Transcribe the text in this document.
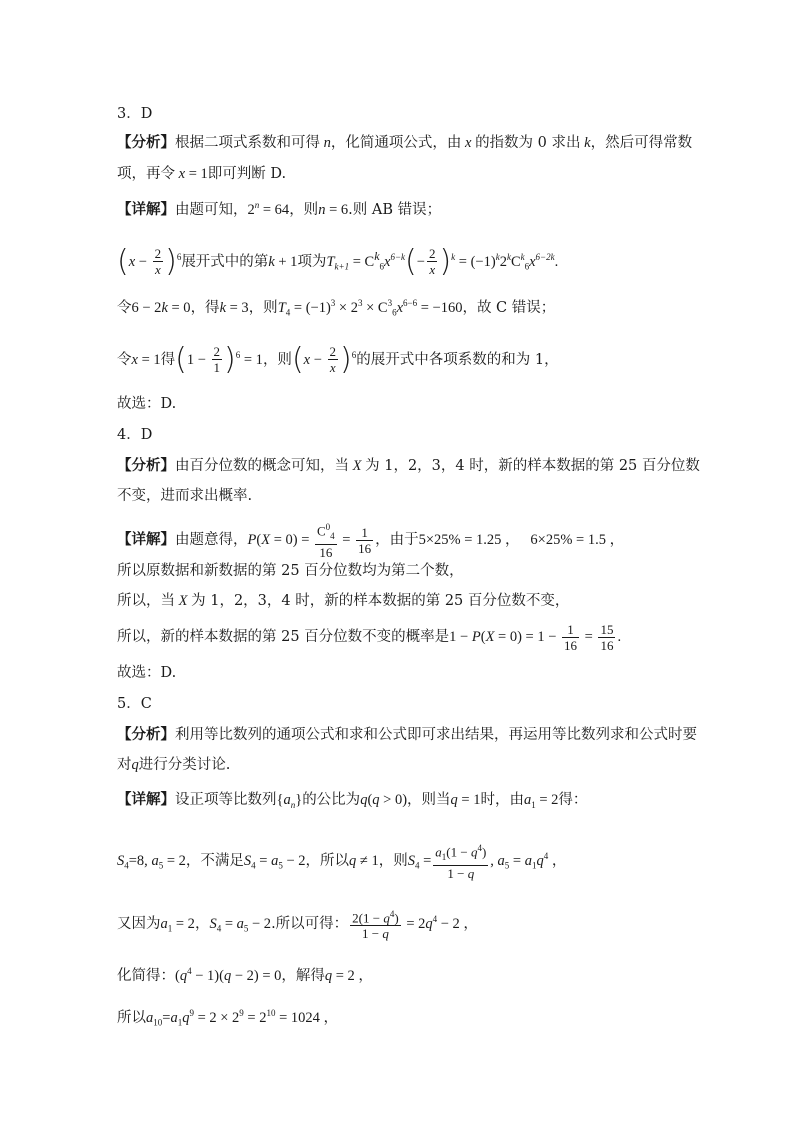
3．D
【分析】根据二项式系数和可得 n，化简通项公式，由 x 的指数为 0 求出 k，然后可得常数
项，再令 x = 1即可判断 D.
【详解】由题可知，$2^n = 64$，则n = 6.则 AB 错误；
$(x - \frac{2}{x} )^6$展开式中的第k + 1项为$T_{k+1} = C^k_6x^{6-k}(- \frac{2}{x} )^k = (-1)^k2^kC^k_6x^{6-2k}$.
令6 − 2k = 0，得k = 3，则$T_4 = (-1)^3 \times 2^3 \times C^3_6x^{6-6} = -160$，故 C 错误；
令x = 1得$(1 - \frac{2}{1} )^6 = 1$，则$(x - \frac{2}{x} )^6$的展开式中各项系数的和为 1，
故选：D.
4．D
【分析】由百分位数的概念可知，当 X 为 1，2，3，4 时，新的样本数据的第 25 百分位数
不变，进而求出概率.
【详解】由题意得，$P(X = 0) = \frac{C^0_4}{16} = \frac{1}{16}$ ，由于5×25% = 1.25 ，   6×25% = 1.5 ，
所以原数据和新数据的第 25 百分位数均为第二个数，
所以，当 X 为 1，2，3，4 时，新的样本数据的第 25 百分位数不变，
所以，新的样本数据的第 25 百分位数不变的概率是$1 - P(X = 0) = 1 - \frac{1}{16} = \frac{15}{16}$ .
故选：D.
5．C
【分析】利用等比数列的通项公式和求和公式即可求出结果，再运用等比数列求和公式时要
对q进行分类讨论.
【详解】设正项等比数列$\{a_n\}$的公比为q(q > 0)，则当q = 1时，由$a_1 = 2$得：
$S_4=8$, $a_5 = 2$，不满足$S_4 = a_5 - 2$，所以q ≠ 1，则$S_4 = \frac{a_1(1 - q^4)}{1 - q}$ , $a_5 = a_1q^4$ ，
又因为$a_1 = 2$，$S_4 = a_5 - 2$.所以可得： $\frac{2(1 - q^4)}{1 - q} = 2q^4 - 2$ ，
化简得：$(q^4 - 1)(q - 2) = 0$，解得q = 2 ，
所以$a_{10}=a_1q^9 = 2 \times 2^9 = 2^{10} = 1024$ ，
